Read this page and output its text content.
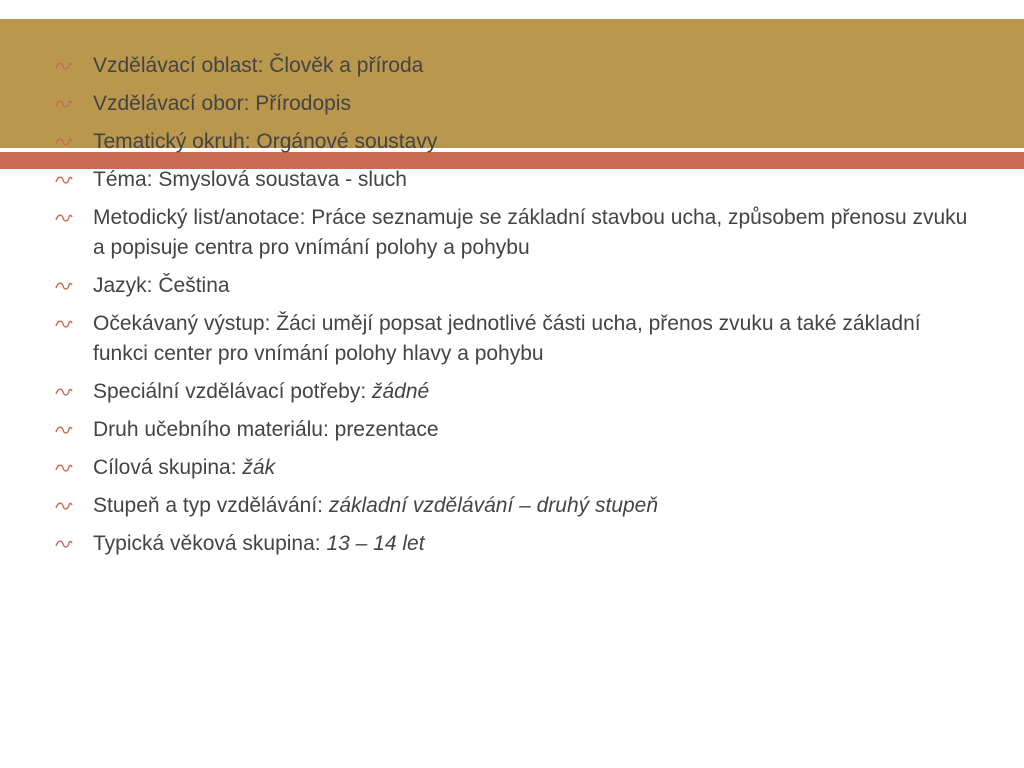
Vzdělávací oblast: Člověk a příroda
Vzdělávací obor: Přírodopis
Tematický okruh: Orgánové soustavy
Téma: Smyslová soustava - sluch
Metodický list/anotace: Práce seznamuje se základní stavbou ucha, způsobem přenosu zvuku a popisuje centra pro vnímání polohy a pohybu
Jazyk: Čeština
Očekávaný výstup: Žáci umějí popsat jednotlivé části ucha, přenos zvuku a také základní funkci center pro vnímání polohy hlavy a pohybu
Speciální vzdělávací potřeby: žádné
Druh učebního materiálu: prezentace
Cílová skupina: žák
Stupeň a typ vzdělávání: základní vzdělávání – druhý stupeň
Typická věková skupina: 13 – 14 let
